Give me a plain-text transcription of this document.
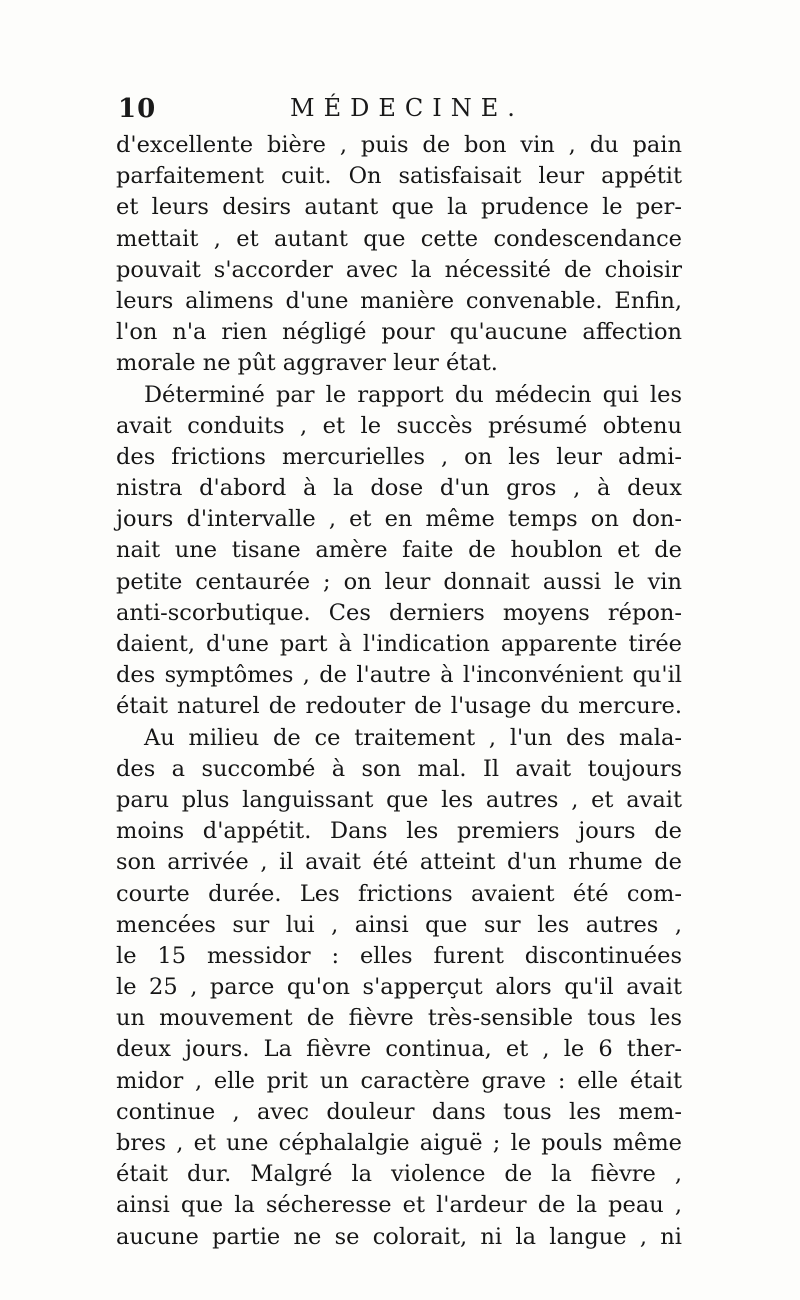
10	MÉDECINE.
d'excellente bière , puis de bon vin , du pain
parfaitement cuit. On satisfaisait leur appétit
et leurs desirs autant que la prudence le per-
mettait , et autant que cette condescendance
pouvait s'accorder avec la nécessité de choisir
leurs alimens d'une manière convenable. Enfin,
l'on n'a rien négligé pour qu'aucune affection
morale ne pût aggraver leur état.
Déterminé par le rapport du médecin qui les
avait conduits , et le succès présumé obtenu
des frictions mercurielles , on les leur admi-
nistra d'abord à la dose d'un gros , à deux
jours d'intervalle , et en même temps on don-
nait une tisane amère faite de houblon et de
petite centaurée ; on leur donnait aussi le vin
anti-scorbutique. Ces derniers moyens répon-
daient, d'une part à l'indication apparente tirée
des symptômes , de l'autre à l'inconvénient qu'il
était naturel de redouter de l'usage du mercure.
Au milieu de ce traitement , l'un des mala-
des a succombé à son mal. Il avait toujours
paru plus languissant que les autres , et avait
moins d'appétit. Dans les premiers jours de
son arrivée , il avait été atteint d'un rhume de
courte durée. Les frictions avaient été com-
mencées sur lui , ainsi que sur les autres ,
le 15 messidor : elles furent discontinuées
le 25 , parce qu'on s'apperçut alors qu'il avait
un mouvement de fièvre très-sensible tous les
deux jours. La fièvre continua, et , le 6 ther-
midor , elle prit un caractère grave : elle était
continue , avec douleur dans tous les mem-
bres , et une céphalalgie aiguë ; le pouls même
était dur. Malgré la violence de la fièvre ,
ainsi que la sécheresse et l'ardeur de la peau ,
aucune partie ne se colorait, ni la langue , ni
